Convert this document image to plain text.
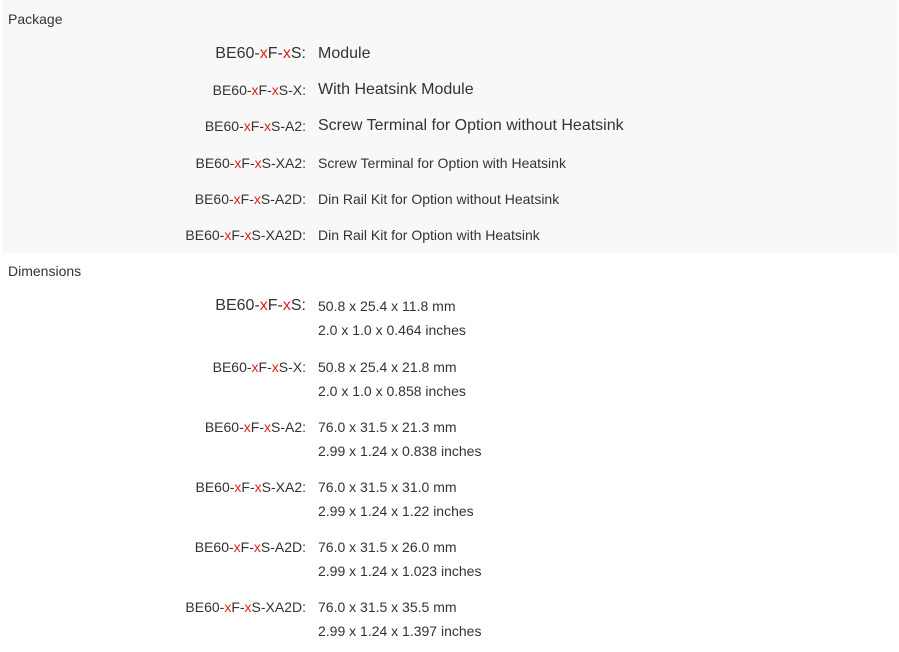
Package
BE60-xF-xS: Module
BE60-xF-xS-X: With Heatsink Module
BE60-xF-xS-A2: Screw Terminal for Option without Heatsink
BE60-xF-xS-XA2: Screw Terminal for Option with Heatsink
BE60-xF-xS-A2D: Din Rail Kit for Option without Heatsink
BE60-xF-xS-XA2D: Din Rail Kit for Option with Heatsink
Dimensions
BE60-xF-xS: 50.8 x 25.4 x 11.8 mm
2.0 x 1.0 x 0.464 inches
BE60-xF-xS-X: 50.8 x 25.4 x 21.8 mm
2.0 x 1.0 x 0.858 inches
BE60-xF-xS-A2: 76.0 x 31.5 x 21.3 mm
2.99 x 1.24 x 0.838 inches
BE60-xF-xS-XA2: 76.0 x 31.5 x 31.0 mm
2.99 x 1.24 x 1.22 inches
BE60-xF-xS-A2D: 76.0 x 31.5 x 26.0 mm
2.99 x 1.24 x 1.023 inches
BE60-xF-xS-XA2D: 76.0 x 31.5 x 35.5 mm
2.99 x 1.24 x 1.397 inches
